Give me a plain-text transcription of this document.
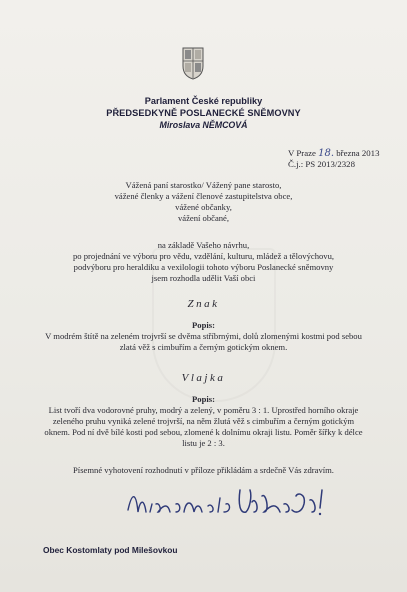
Parlament České republiky
PŘEDSEDKYNĚ POSLANECKÉ SNĚMOVNY
Miroslava NĚMCOVÁ
V Praze 18. března 2013
Č.j.: PS 2013/2328
Vážená paní starostko/ Vážený pane starosto,
vážené členky a vážení členové zastupitelstva obce,
vážené občanky,
vážení občané,
na základě Vašeho návrhu,
po projednání ve výboru pro vědu, vzdělání, kulturu, mládež a tělovýchovu,
podvýboru pro heraldiku a vexilologii tohoto výboru Poslanecké sněmovny
jsem rozhodla udělit Vaší obci
Znak
Popis:
V modrém štítě na zeleném trojvrší se dvěma stříbrnými, dolů zlomenými kostmi pod sebou
zlatá věž s cimbuřím a černým gotickým oknem.
Vlajka
Popis:
List tvoří dva vodorovné pruhy, modrý a zelený, v poměru 3 : 1. Uprostřed horního okraje
zeleného pruhu vyniká zelené trojvrší, na něm žlutá věž s cimbuřím a černým gotickým
oknem. Pod ní dvě bílé kosti pod sebou, zlomené k dolnímu okraji listu. Poměr šířky k délce
listu je 2 : 3.
Písemné vyhotovení rozhodnutí v příloze přikládám a srdečně Vás zdravím.
Obec Kostomlaty pod Milešovkou
